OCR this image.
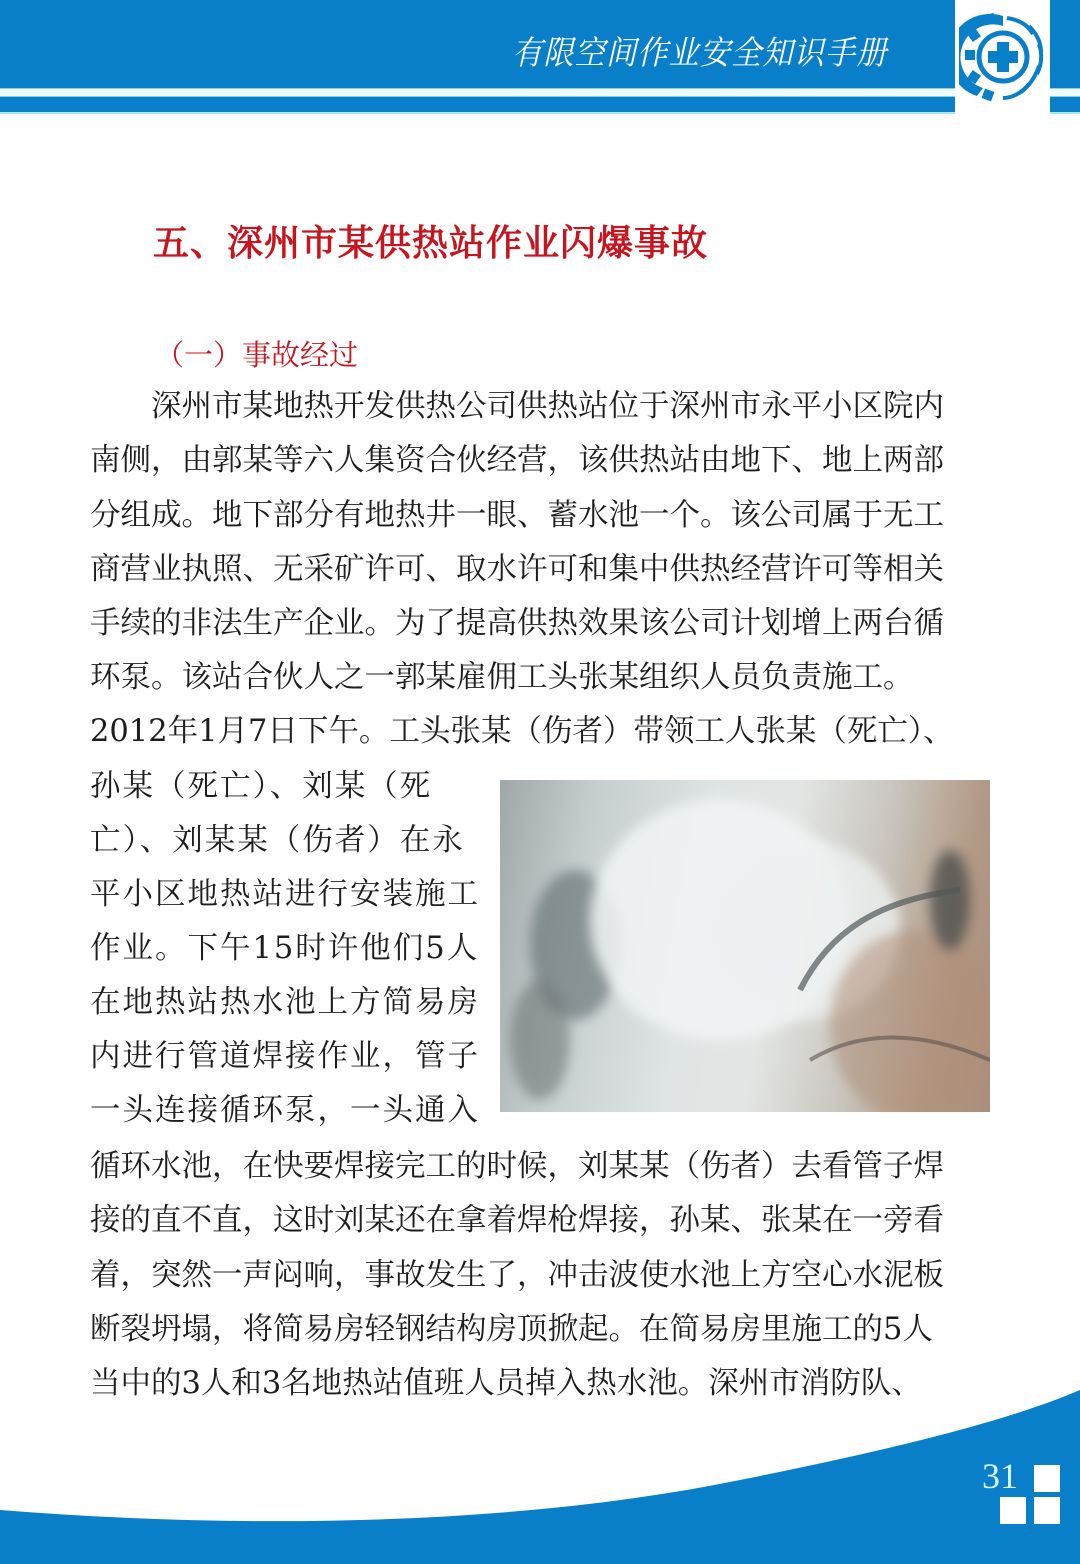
有限空间作业安全知识手册
五、深州市某供热站作业闪爆事故
（一）事故经过
　　深州市某地热开发供热公司供热站位于深州市永平小区院内
南侧，由郭某等六人集资合伙经营，该供热站由地下、地上两部
分组成。地下部分有地热井一眼、蓄水池一个。该公司属于无工
商营业执照、无采矿许可、取水许可和集中供热经营许可等相关
手续的非法生产企业。为了提高供热效果该公司计划增上两台循
环泵。该站合伙人之一郭某雇佣工头张某组织人员负责施工。
2012年1月7日下午。工头张某（伤者）带领工人张某（死亡）、
孙某（死亡）、刘某（死
亡）、刘某某（伤者）在永
平小区地热站进行安装施工
作业。下午15时许他们5人
在地热站热水池上方简易房
内进行管道焊接作业，管子
一头连接循环泵，一头通入
循环水池，在快要焊接完工的时候，刘某某（伤者）去看管子焊
接的直不直，这时刘某还在拿着焊枪焊接，孙某、张某在一旁看
着，突然一声闷响，事故发生了，冲击波使水池上方空心水泥板
断裂坍塌，将简易房轻钢结构房顶掀起。在简易房里施工的5人
当中的3人和3名地热站值班人员掉入热水池。深州市消防队、
31
